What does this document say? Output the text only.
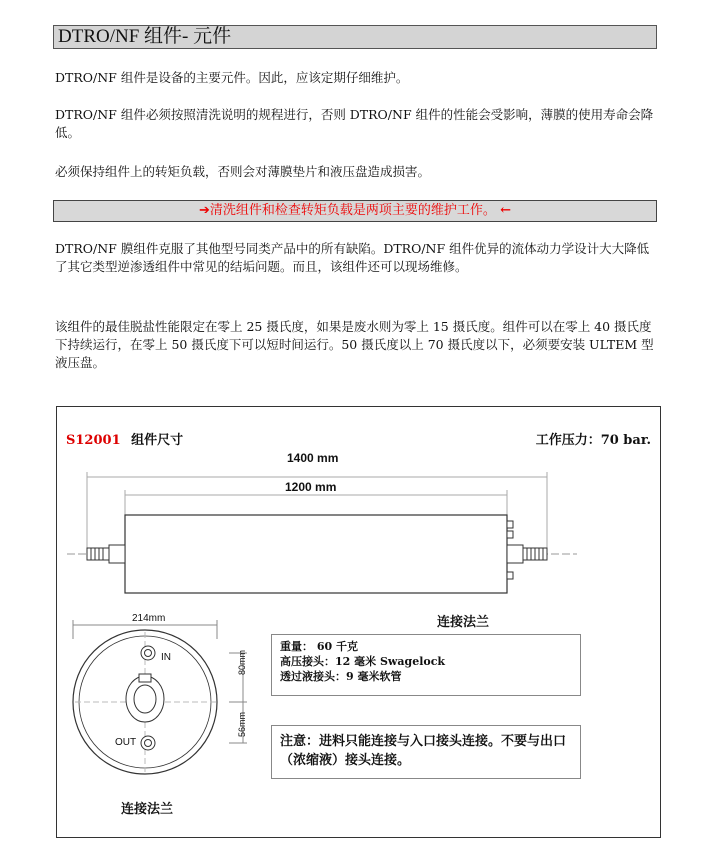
DTRO/NF 组件- 元件

DTRO/NF 组件是设备的主要元件。因此，应该定期仔细维护。

DTRO/NF 组件必须按照清洗说明的规程进行，否则 DTRO/NF 组件的性能会受影响，薄膜的使用寿命会降低。

必须保持组件上的转矩负载，否则会对薄膜垫片和液压盘造成损害。

➔清洗组件和检查转矩负载是两项主要的维护工作。 ←

DTRO/NF 膜组件克服了其他型号同类产品中的所有缺陷。DTRO/NF 组件优异的流体动力学设计大大降低了其它类型逆渗透组件中常见的结垢问题。而且，该组件还可以现场维修。

该组件的最佳脱盐性能限定在零上 25 摄氏度，如果是废水则为零上 15 摄氏度。组件可以在零上 40 摄氏度下持续运行，在零上 50 摄氏度下可以短时间运行。50 摄氏度以上 70 摄氏度以下，必须要安装 ULTEM 型液压盘。

S12001 组件尺寸	工作压力：70 bar.
1400 mm
1200 mm
连接法兰
214mm
IN
OUT
80mm
56mm
连接法兰
重量： 60 千克
高压接头：12 毫米 Swagelock
透过液接头：9 毫米软管
注意：进料只能连接与入口接头连接。不要与出口（浓缩液）接头连接。
